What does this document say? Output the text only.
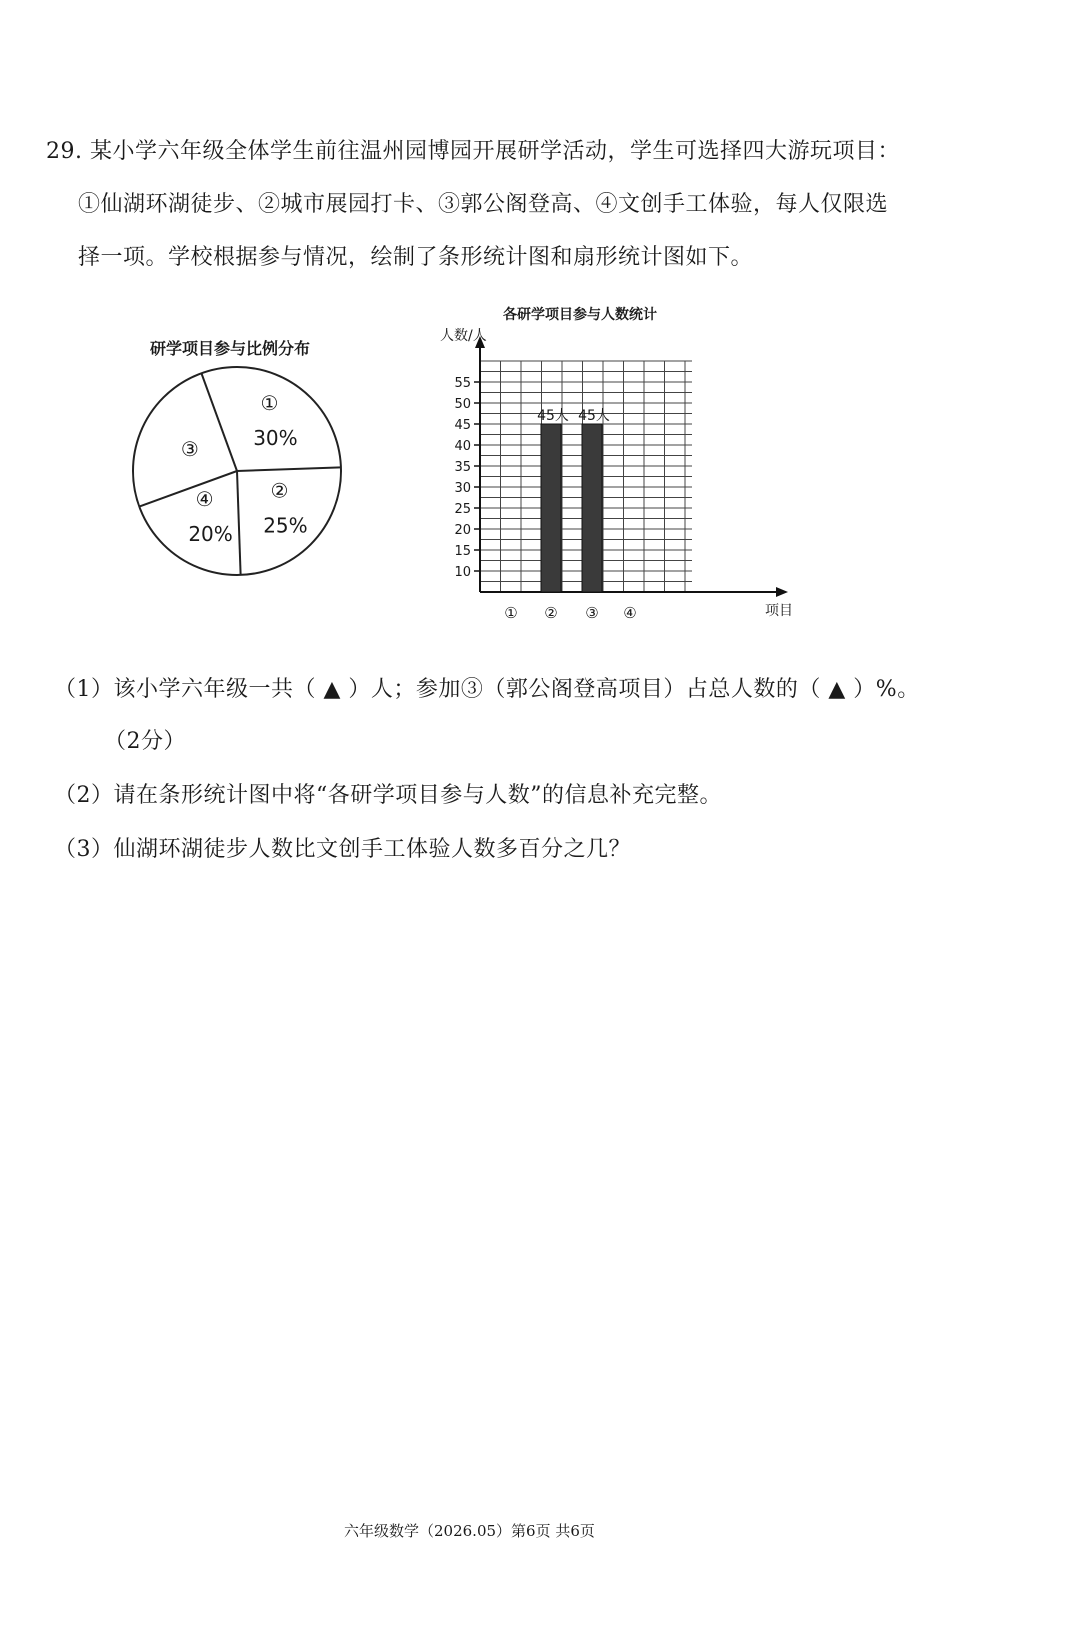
29. 某小学六年级全体学生前往温州园博园开展研学活动，学生可选择四大游玩项目：
①仙湖环湖徒步、②城市展园打卡、③郭公阁登高、④文创手工体验，每人仅限选
择一项。学校根据参与情况，绘制了条形统计图和扇形统计图如下。
研学项目参与比例分布
①
30%
②
25%
④
20%
③
各研学项目参与人数统计
人数/人
项目
10
15
20
25
30
35
40
45
50
55
① ②
45人
③
45人
④
（1）该小学六年级一共（ ▲ ）人；参加③（郭公阁登高项目）占总人数的（ ▲ ）%。
（2分）
（2）请在条形统计图中将“各研学项目参与人数”的信息补充完整。
（3）仙湖环湖徒步人数比文创手工体验人数多百分之几？
六年级数学（2026.05）第6页 共6页
